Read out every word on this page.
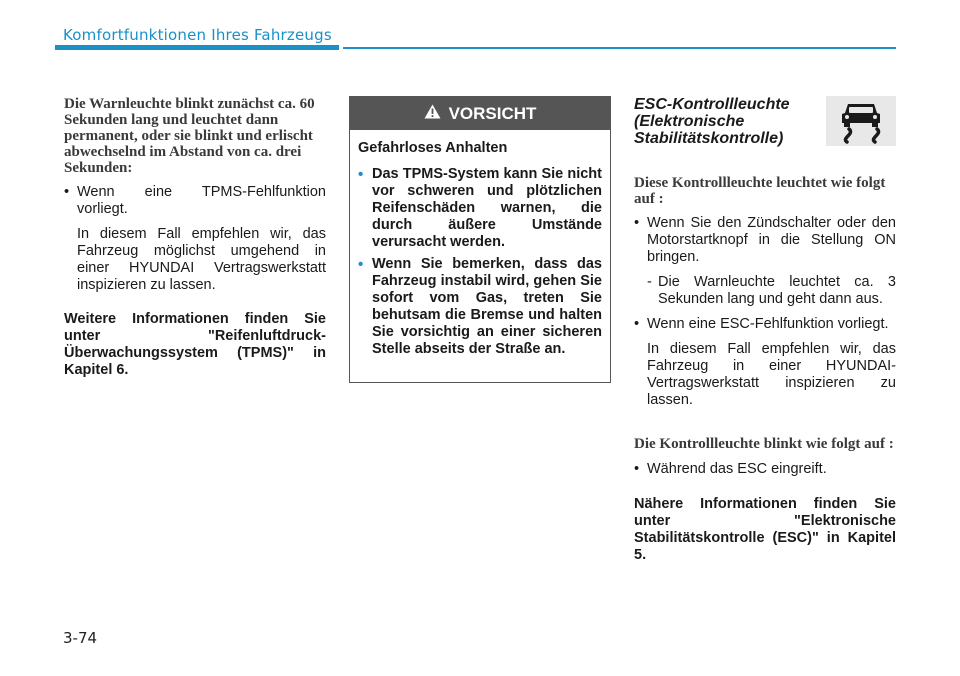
Komfortfunktionen Ihres Fahrzeugs

Die Warnleuchte blinkt zunächst ca. 60 Sekunden lang und leuchtet dann permanent, oder sie blinkt und erlischt abwechselnd im Abstand von ca. drei Sekunden:

• Wenn eine TPMS-Fehlfunktion vorliegt.

In diesem Fall empfehlen wir, das Fahrzeug möglichst umgehend in einer HYUNDAI Vertragswerkstatt inspizieren zu lassen.

Weitere Informationen finden Sie unter "Reifenluftdruck-Überwachungssystem (TPMS)" in Kapitel 6.

VORSICHT

Gefahrloses Anhalten

• Das TPMS-System kann Sie nicht vor schweren und plötzlichen Reifenschäden warnen, die durch äußere Umstände verursacht werden.

• Wenn Sie bemerken, dass das Fahrzeug instabil wird, gehen Sie sofort vom Gas, treten Sie behutsam die Bremse und halten Sie vorsichtig an einer sicheren Stelle abseits der Straße an.

ESC-Kontrollleuchte (Elektronische Stabilitätskontrolle)

Diese Kontrollleuchte leuchtet wie folgt auf :

• Wenn Sie den Zündschalter oder den Motorstartknopf in die Stellung ON bringen.

- Die Warnleuchte leuchtet ca. 3 Sekunden lang und geht dann aus.

• Wenn eine ESC-Fehlfunktion vorliegt.

In diesem Fall empfehlen wir, das Fahrzeug in einer HYUNDAI-Vertragswerkstatt inspizieren zu lassen.

Die Kontrollleuchte blinkt wie folgt auf :

• Während das ESC eingreift.

Nähere Informationen finden Sie unter "Elektronische Stabilitätskontrolle (ESC)" in Kapitel 5.

3-74
